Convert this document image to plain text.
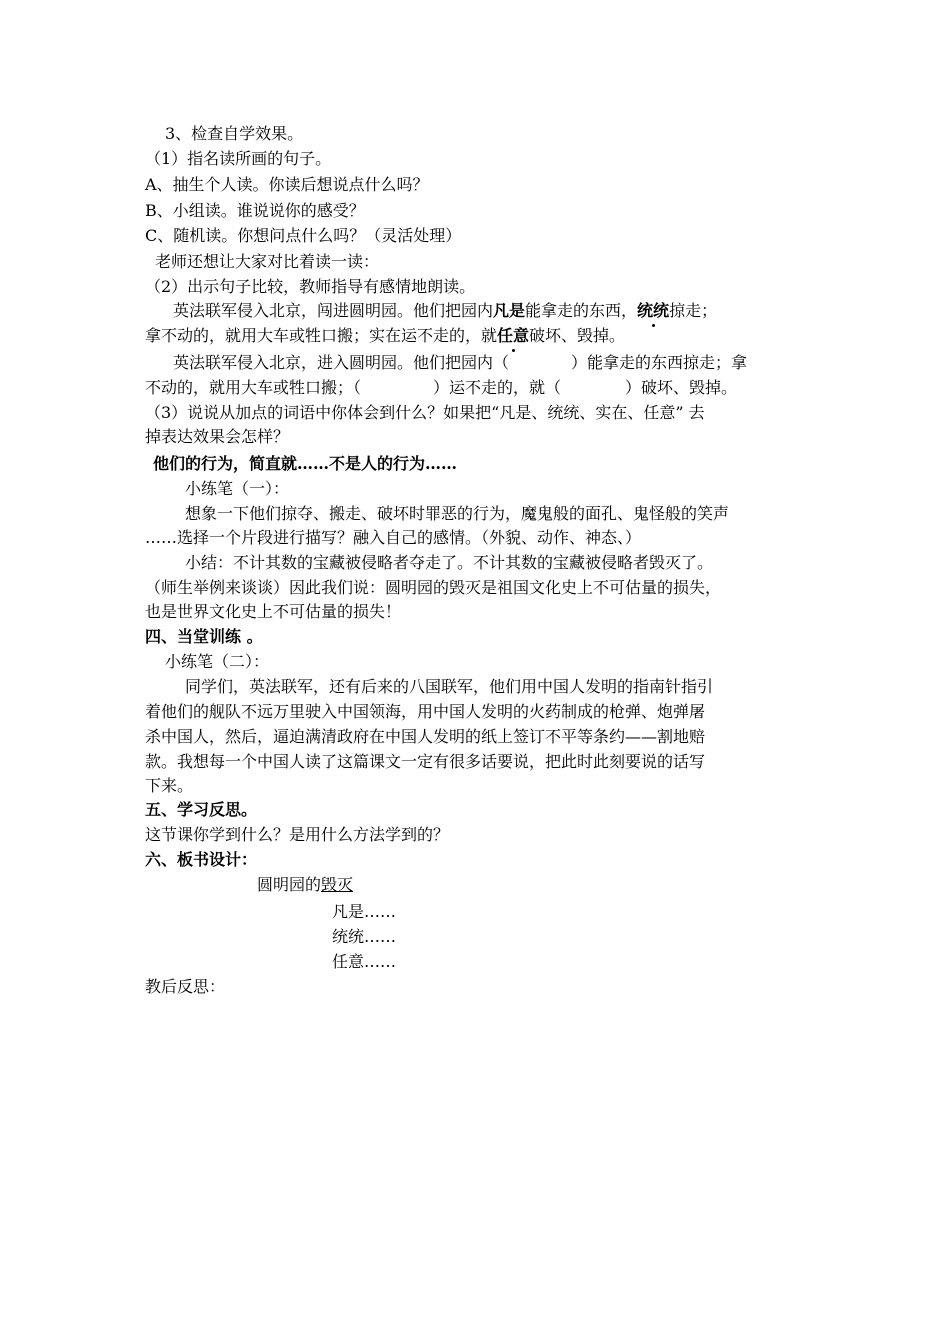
3、检查自学效果。
（1）指名读所画的句子。
A、抽生个人读。你读后想说点什么吗？
B、小组读。谁说说你的感受？
C、随机读。你想问点什么吗？（灵活处理）
老师还想让大家对比着读一读：
（2）出示句子比较，教师指导有感情地朗读。
英法联军侵入北京，闯进圆明园。他们把园内凡是能拿走的东西，统统掠走；
拿不动的，就用大车或牲口搬；实在运不走的，就任意破坏、毁掉。
英法联军侵入北京，进入圆明园。他们把园内（	）能拿走的东西掠走；拿
不动的，就用大车或牲口搬；（	）运不走的，就（	）破坏、毁掉。
（3）说说从加点的词语中你体会到什么？如果把“凡是、统统、实在、任意” 去
掉表达效果会怎样？
他们的行为，简直就……不是人的行为……
小练笔（一）：
想象一下他们掠夺、搬走、破坏时罪恶的行为，魔鬼般的面孔、鬼怪般的笑声
……选择一个片段进行描写？融入自己的感情。（外貌、动作、神态、）
小结：不计其数的宝藏被侵略者夺走了。不计其数的宝藏被侵略者毁灭了。
（师生举例来谈谈）因此我们说：圆明园的毁灭是祖国文化史上不可估量的损失，
也是世界文化史上不可估量的损失！
四、当堂训练 。
小练笔（二）：
同学们，英法联军，还有后来的八国联军，他们用中国人发明的指南针指引
着他们的舰队不远万里驶入中国领海，用中国人发明的火药制成的枪弹、炮弹屠
杀中国人，然后，逼迫满清政府在中国人发明的纸上签订不平等条约——割地赔
款。我想每一个中国人读了这篇课文一定有很多话要说，把此时此刻要说的话写
下来。
五、学习反思。
这节课你学到什么？是用什么方法学到的？
六、板书设计：
圆明园的毁灭
凡是……
统统……
任意……
教后反思：
